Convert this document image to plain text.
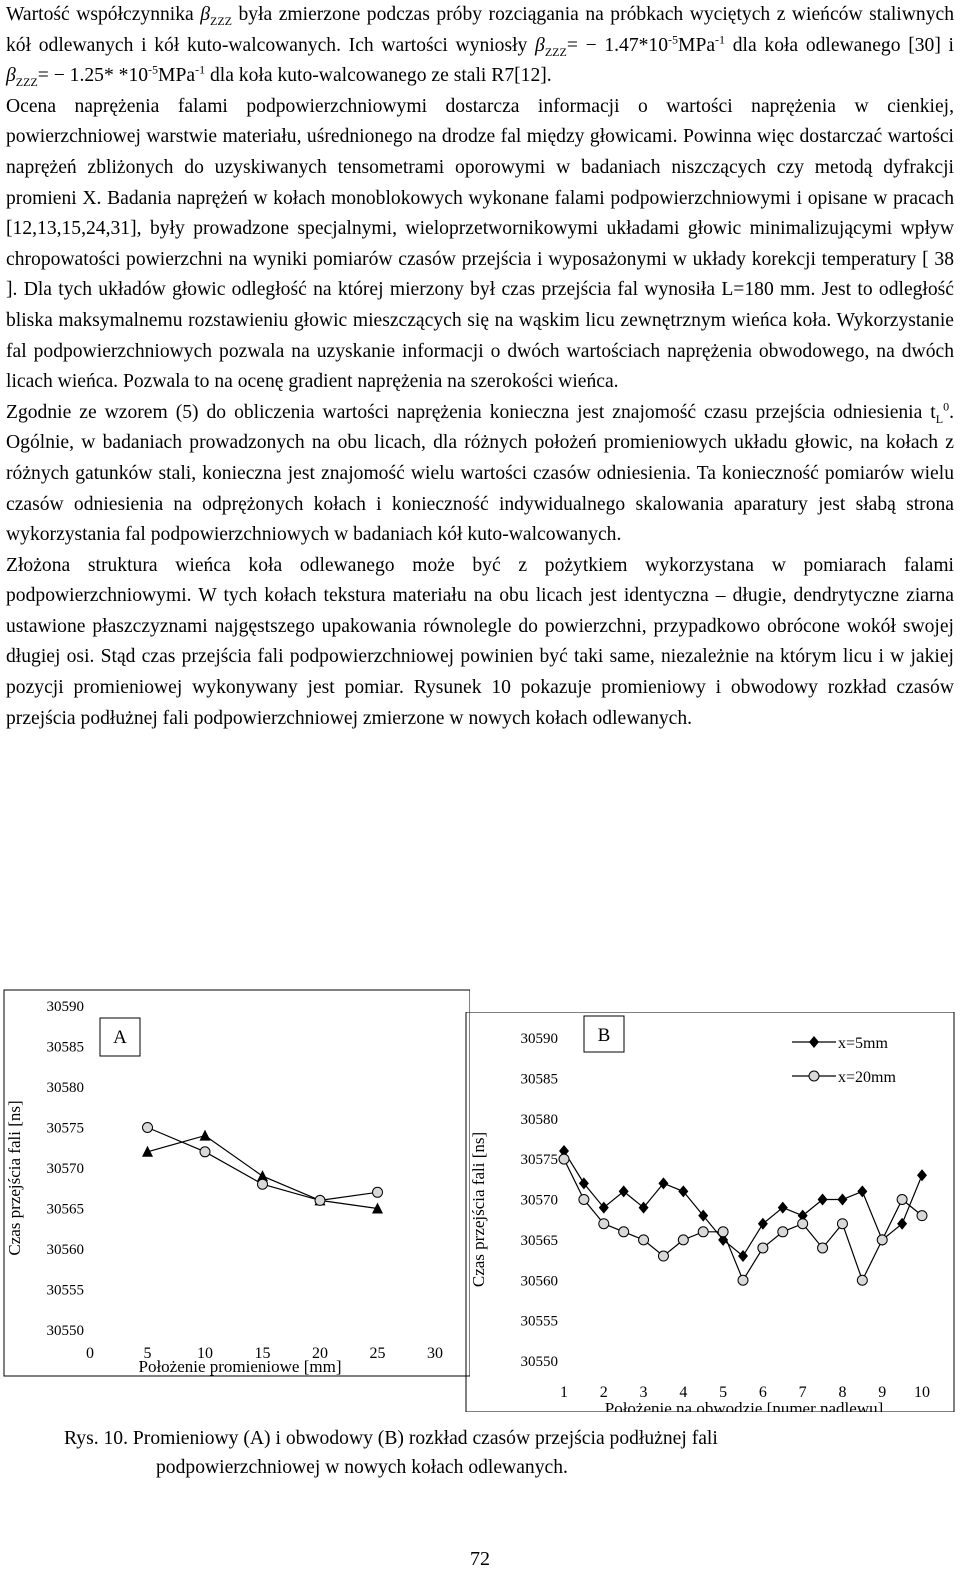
Wartość współczynnika $\beta_{ZZZ}$ była zmierzone podczas próby rozciągania na próbkach wyciętych z wieńców staliwnych kół odlewanych i kół kuto-walcowanych. Ich wartości wyniosły $\beta_{ZZZ}= - 1.47*10^{-5}MPa^{-1}$ dla koła odlewanego [30] i $\beta_{ZZZ}= - 1.25*$ $*10^{-5}MPa^{-1}$ dla koła kuto-walcowanego ze stali R7[12].

Ocena naprężenia falami podpowierzchniowymi dostarcza informacji o wartości naprężenia w cienkiej, powierzchniowej warstwie materiału, uśrednionego na drodze fal między głowicami. Powinna więc dostarczać wartości naprężeń zbliżonych do uzyskiwanych tensometrami oporowymi w badaniach niszczących czy metodą dyfrakcji promieni X. Badania naprężeń w kołach monoblokowych wykonane falami podpowierzchniowymi i opisane w pracach [12,13,15,24,31], były prowadzone specjalnymi, wieloprzetwornikowymi układami głowic minimalizującymi wpływ chropowatości powierzchni na wyniki pomiarów czasów przejścia i wyposażonymi w układy korekcji temperatury [ 38 ]. Dla tych układów głowic odległość na której mierzony był czas przejścia fal wynosiła L=180 mm. Jest to odległość bliska maksymalnemu rozstawieniu głowic mieszczących się na wąskim licu zewnętrznym wieńca koła. Wykorzystanie fal podpowierzchniowych pozwala na uzyskanie informacji o dwóch wartościach naprężenia obwodowego, na dwóch licach wieńca. Pozwala to na ocenę gradient naprężenia na szerokości wieńca.

Zgodnie ze wzorem (5) do obliczenia wartości naprężenia konieczna jest znajomość czasu przejścia odniesienia $t_L^0$. Ogólnie, w badaniach prowadzonych na obu licach, dla różnych położeń promieniowych układu głowic, na kołach z różnych gatunków stali, konieczna jest znajomość wielu wartości czasów odniesienia. Ta konieczność pomiarów wielu czasów odniesienia na odprężonych kołach i konieczność indywidualnego skalowania aparatury jest słabą strona wykorzystania fal podpowierzchniowych w badaniach kół kuto-walcowanych.

Złożona struktura wieńca koła odlewanego może być z pożytkiem wykorzystana w pomiarach falami podpowierzchniowymi. W tych kołach tekstura materiału na obu licach jest identyczna – długie, dendrytyczne ziarna ustawione płaszczyznami najgęstszego upakowania równolegle do powierzchni, przypadkowo obrócone wokół swojej długiej osi. Stąd czas przejścia fali podpowierzchniowej powinien być taki same, niezależnie na którym licu i w jakiej pozycji promieniowej wykonywany jest pomiar. Rysunek 10 pokazuje promieniowy i obwodowy rozkład czasów przejścia podłużnej fali podpowierzchniowej zmierzone w nowych kołach odlewanych.

30550
30555
30560
30565
30570
30575
30580
30585
30590
0	5	10	15	20	25	30
Czas przejścia fali [ns]
Położenie promieniowe [mm]
A
30550
30555
30560
30565
30570
30575
30580
30585
30590
1 2 3 4 5 6 7 8 9 10
Czas przejścia fali [ns]
Położenie na obwodzie [numer nadlewu]
B	x=5mm
x=20mm
Rys. 10. Promieniowy (A) i obwodowy (B) rozkład czasów przejścia podłużnej fali
podpowierzchniowej w nowych kołach odlewanych.
72
